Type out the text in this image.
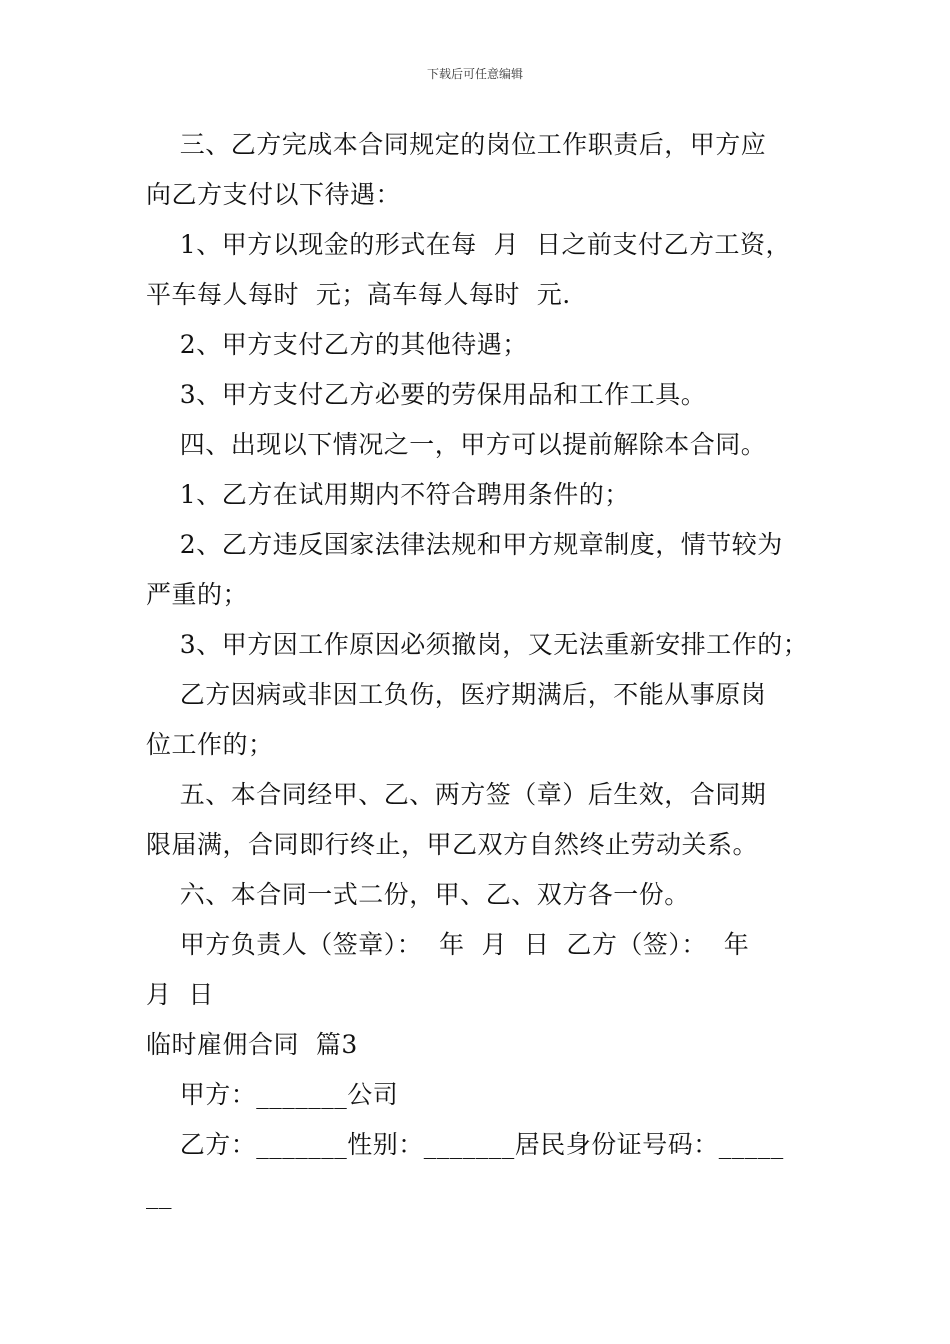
下载后可任意编辑
三、乙方完成本合同规定的岗位工作职责后，甲方应
向乙方支付以下待遇：
1、甲方以现金的形式在每  月  日之前支付乙方工资，
平车每人每时  元；高车每人每时  元.
2、甲方支付乙方的其他待遇；
3、甲方支付乙方必要的劳保用品和工作工具。
四、出现以下情况之一，甲方可以提前解除本合同。
1、乙方在试用期内不符合聘用条件的；
2、乙方违反国家法律法规和甲方规章制度，情节较为
严重的；
3、甲方因工作原因必须撤岗，又无法重新安排工作的；
乙方因病或非因工负伤，医疗期满后，不能从事原岗
位工作的；
五、本合同经甲、乙、两方签（章）后生效，合同期
限届满，合同即行终止，甲乙双方自然终止劳动关系。
六、本合同一式二份，甲、乙、双方各一份。
甲方负责人（签章）：  年  月  日  乙方（签）：  年
月  日
临时雇佣合同  篇3
甲方：_______公司
乙方：_______性别：_______居民身份证号码：_____
__
